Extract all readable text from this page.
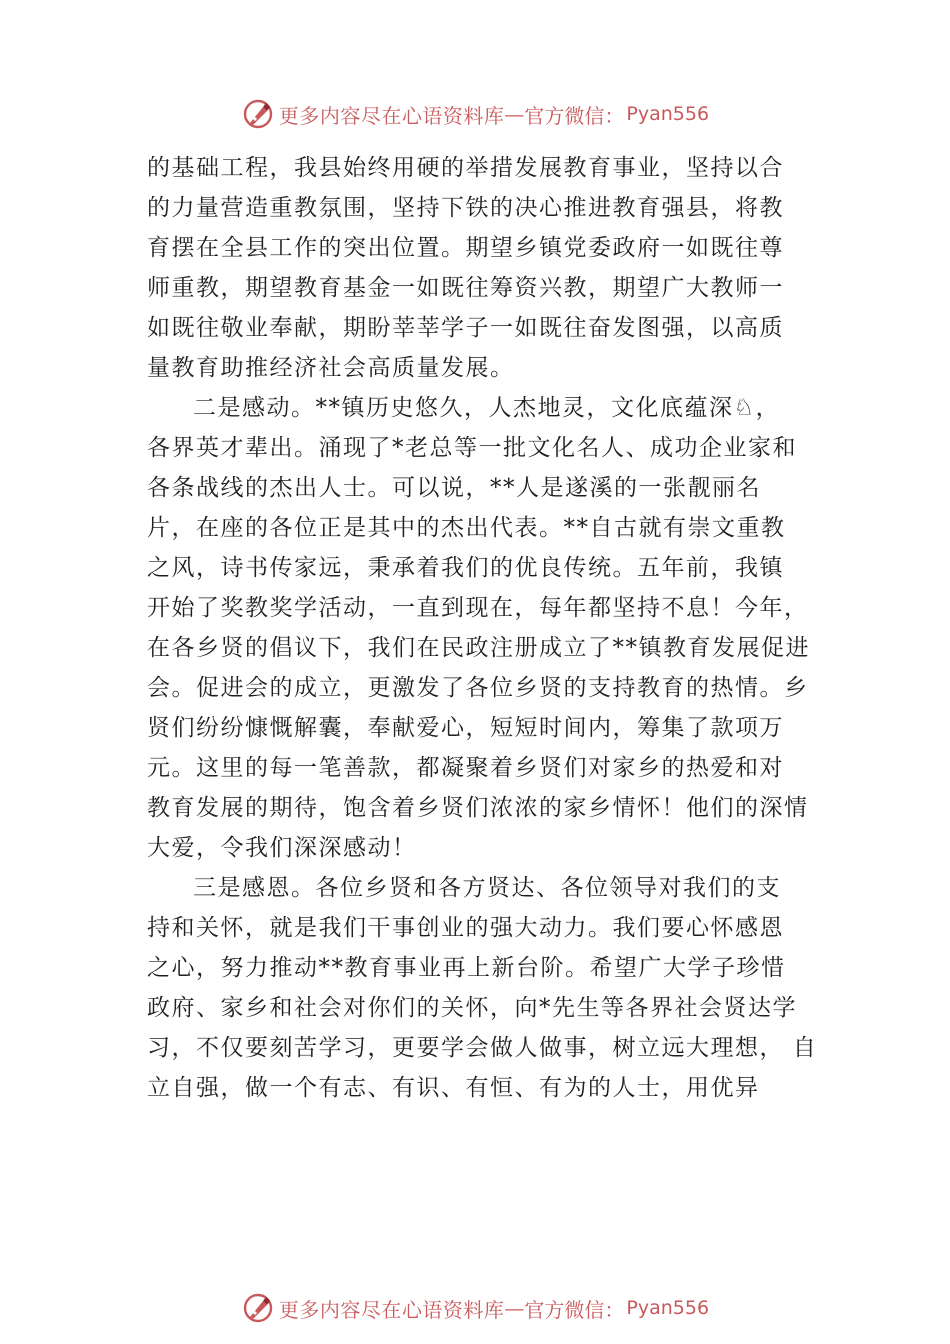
更多内容尽在心语资料库 — 官方微信： Pyan556
的基础工程，我县始终用硬的举措发展教育事业，坚持以合
的力量营造重教氛围，坚持下铁的决心推进教育强县，将教
育摆在全县工作的突出位置。期望乡镇党委政府一如既往尊
师重教，期望教育基金一如既往筹资兴教，期望广大教师一
如既往敬业奉献，期盼莘莘学子一如既往奋发图强，以高质
量教育助推经济社会高质量发展。
二是感动。**镇历史悠久，人杰地灵，文化底蕴深♘，
各界英才辈出。涌现了*老总等一批文化名人、成功企业家和
各条战线的杰出人士。可以说，**人是遂溪的一张靓丽名
片，在座的各位正是其中的杰出代表。**自古就有崇文重教
之风，诗书传家远，秉承着我们的优良传统。五年前，我镇
开始了奖教奖学活动，一直到现在，每年都坚持不息！今年，
在各乡贤的倡议下，我们在民政注册成立了**镇教育发展促进
会。促进会的成立，更激发了各位乡贤的支持教育的热情。乡
贤们纷纷慷慨解囊，奉献爱心，短短时间内，筹集了款项万
元。这里的每一笔善款，都凝聚着乡贤们对家乡的热爱和对
教育发展的期待，饱含着乡贤们浓浓的家乡情怀！他们的深情
大爱，令我们深深感动！
三是感恩。各位乡贤和各方贤达、各位领导对我们的支
持和关怀，就是我们干事创业的强大动力。我们要心怀感恩
之心，努力推动**教育事业再上新台阶。希望广大学子珍惜
政府、家乡和社会对你们的关怀，向*先生等各界社会贤达学
习，不仅要刻苦学习，更要学会做人做事，树立远大理想， 自
立自强，做一个有志、有识、有恒、有为的人士，用优异
更多内容尽在心语资料库 — 官方微信： Pyan556
